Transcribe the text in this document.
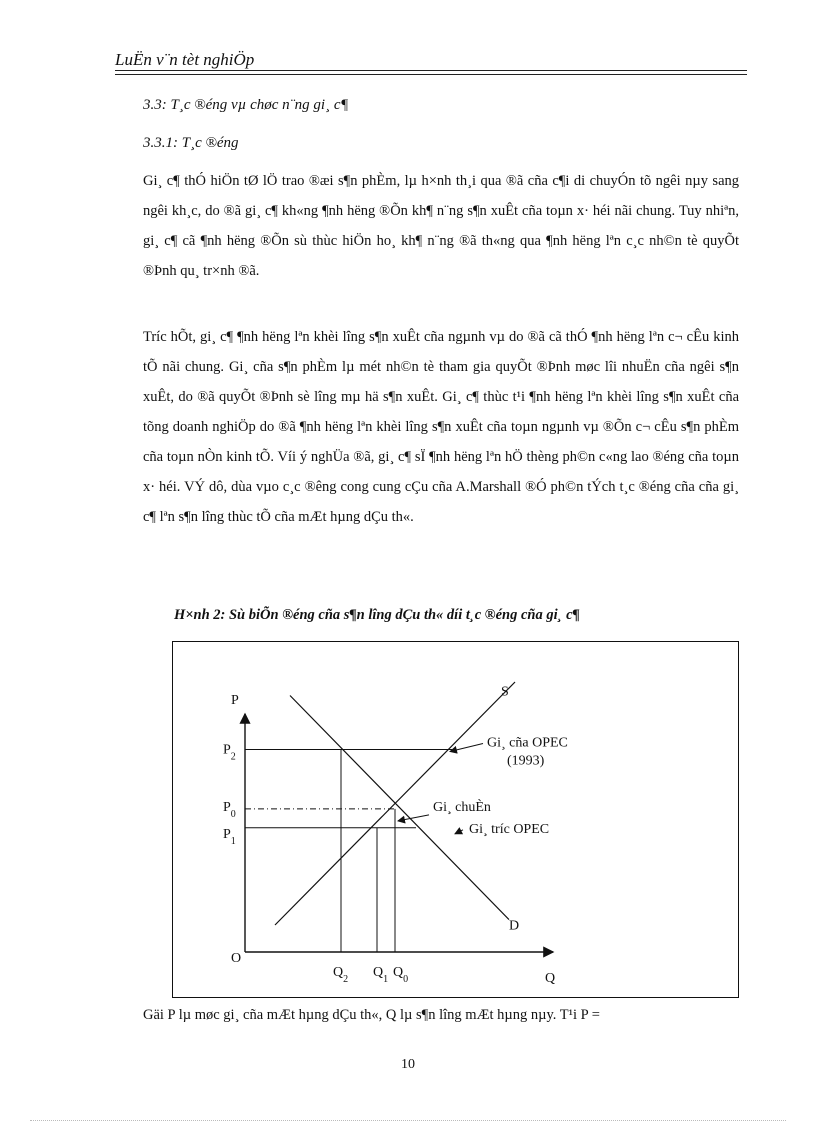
LuËn v¨n tèt nghiÖp
3.3: T¸c ®éng vµ chøc n¨ng gi¸ c¶
3.3.1: T¸c ®éng
Gi¸ c¶ thÓ hiÖn tØ lÖ trao ®æi s¶n phÈm, lµ h×nh th¸i qua ®ã cña c¶i di chuyÓn tõ ngêi nµy sang ngêi kh¸c, do ®ã gi¸ c¶ kh«ng ¶nh hëng ®Õn kh¶ n¨ng s¶n xuÊt cña toµn x· héi nãi chung. Tuy nhiªn, gi¸ c¶ cã ¶nh hëng ®Õn sù thùc hiÖn ho¸ kh¶ n¨ng ®ã th«ng qua ¶nh hëng lªn c¸c nh©n tè quyÕt ®Þnh qu¸ tr×nh ®ã.
Tríc hÕt, gi¸ c¶ ¶nh hëng lªn khèi lîng s¶n xuÊt cña ngµnh vµ do ®ã cã thÓ ¶nh hëng lªn c¬ cÊu kinh tÕ nãi chung. Gi¸ cña s¶n phÈm lµ mét nh©n tè tham gia quyÕt ®Þnh møc lîi nhuËn cña ngêi s¶n xuÊt, do ®ã quyÕt ®Þnh sè lîng mµ hä s¶n xuÊt. Gi¸ c¶ thùc t¹i ¶nh hëng lªn khèi lîng s¶n xuÊt cña tõng doanh nghiÖp do ®ã ¶nh hëng lªn khèi lîng s¶n xuÊt cña toµn ngµnh vµ ®Õn c¬ cÊu s¶n phÈm cña toµn nÒn kinh tÕ. Víi ý nghÜa ®ã, gi¸ c¶ sÏ ¶nh hëng lªn hÖ thèng ph©n c«ng lao ®éng cña toµn x· héi. VÝ dô, dùa vµo c¸c ®êng cong cung cÇu cña A.Marshall ®Ó ph©n tÝch t¸c ®éng cña cña gi¸ c¶ lªn s¶n lîng thùc tÕ cña mÆt hµng dÇu th«.
H×nh 2: Sù biÕn ®éng cña s¶n lîng dÇu th« díi t¸c ®éng cña gi¸ c¶
P
Q
O
S
D
$P_2$
$P_0$
$P_1$
$Q_2$ $Q_1$ $Q_0$
Gi¸ cña OPEC
(1993)
Gi¸ chuÈn
Gi¸ tríc OPEC
Gäi P lµ møc gi¸ cña mÆt hµng dÇu th«, Q lµ s¶n lîng mÆt hµng nµy. T¹i P =
10
